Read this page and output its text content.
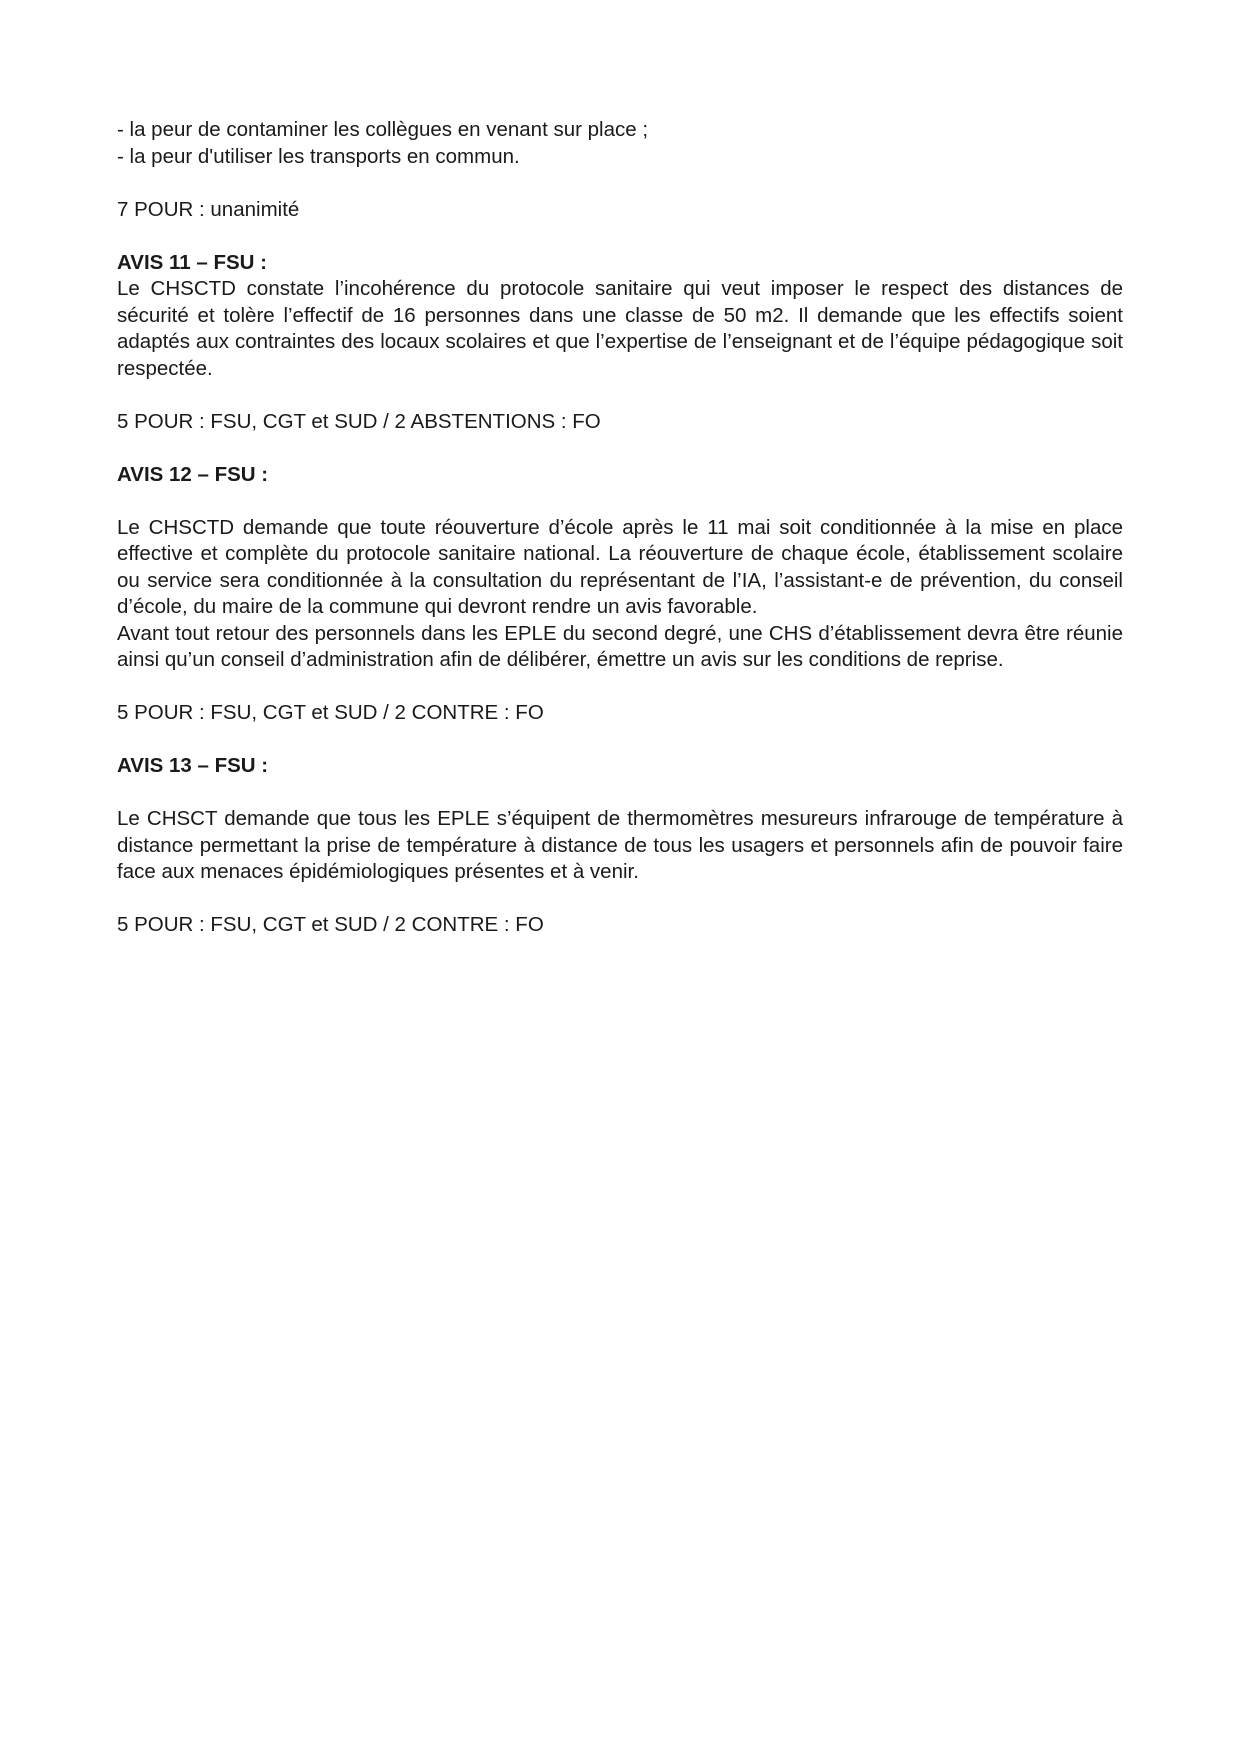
- la peur de contaminer les collègues en venant sur place ;
- la peur d'utiliser les transports en commun.
7 POUR : unanimité
AVIS 11 – FSU :
Le CHSCTD constate l’incohérence du protocole sanitaire qui veut imposer le respect des distances de sécurité et tolère l’effectif de 16 personnes dans une classe de 50 m2. Il demande que les effectifs soient adaptés aux contraintes des locaux scolaires et que l’expertise de l’enseignant et de l’équipe pédagogique soit respectée.
5 POUR : FSU, CGT et SUD / 2 ABSTENTIONS : FO
AVIS 12 – FSU :
Le CHSCTD demande que toute réouverture d’école après le 11 mai soit conditionnée à la mise en place effective et complète du protocole sanitaire national. La réouverture de chaque école, établissement scolaire ou service sera conditionnée à la consultation du représentant de l’IA, l’assistant-e de prévention, du conseil d’école, du maire de la commune qui devront rendre un avis favorable.
Avant tout retour des personnels dans les EPLE du second degré, une CHS d’établissement devra être réunie ainsi qu’un conseil d’administration afin de délibérer, émettre un avis sur les conditions de reprise.
5 POUR : FSU, CGT et SUD / 2 CONTRE : FO
AVIS 13 – FSU :
Le CHSCT demande que tous les EPLE s’équipent de thermomètres mesureurs infrarouge de température à distance permettant la prise de température à distance de tous les usagers et personnels afin de pouvoir faire face aux menaces épidémiologiques présentes et à venir.
5 POUR : FSU, CGT et SUD / 2 CONTRE : FO
